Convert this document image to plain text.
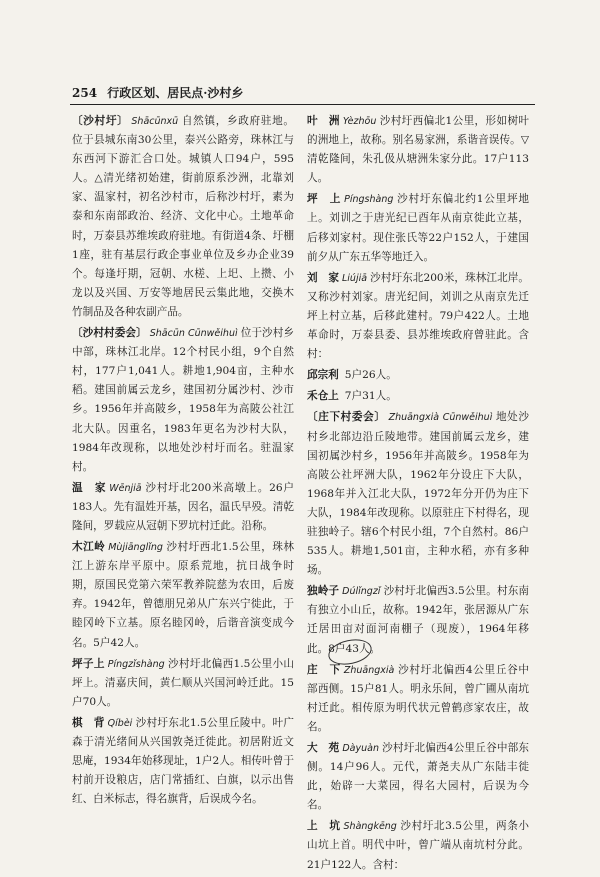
254 行政区划、居民点·沙村乡

〔沙村圩〕 Shācūnxū 自然镇，乡政府驻地。位于县城东南30公里，泰兴公路旁，珠林江与东西河下游汇合口处。城镇人口94户，595人。△清光绪初始建，街前原系沙洲，北靠刘家、温家村，初名沙村市，后称沙村圩，素为泰和东南部政治、经济、文化中心。土地革命时，万泰县苏维埃政府驻地。有街道4条、圩棚1座，驻有基层行政企事业单位及乡办企业39个。每逢圩期，冠朝、水槎、上圯、上攒、小龙以及兴国、万安等地居民云集此地，交换木竹制品及各种农副产品。

〔沙村村委会〕 Shācūn Cūnwěihuì 位于沙村乡中部，珠林江北岸。12个村民小组，9个自然村，177户1,041人。耕地1,904亩，主种水稻。建国前属云龙乡，建国初分属沙村、沙市乡。1956年并高陂乡，1958年为高陂公社江北大队。因重名，1983年更名为沙村大队，1984年改现称，以地处沙村圩而名。驻温家村。

温　家 Wēnjiā 沙村圩北200米高墩上。26户183人。先有温姓开基，因名，温氏早殁。清乾隆间，罗载应从冠朝下罗坑村迁此。沿称。

木江岭 Mùjiānglǐng 沙村圩西北1.5公里，珠林江上游东岸平原中。原系荒地，抗日战争时期，原国民党第六荣军教养院慈为农田，后废弃。1942年，曾德朋兄弟从广东兴宁徙此，于睦冈岭下立基。原名睦冈岭，后谐音演变成今名。5户42人。

坪子上 Píngzǐshàng 沙村圩北偏西1.5公里小山坪上。清嘉庆间，黄仁顺从兴国河岭迁此。15户70人。

棋　背 Qíbèi 沙村圩东北1.5公里丘陵中。叶广森于清光绪间从兴国敦尧迁徙此。初居附近文思庵，1934年始移现址，1户2人。相传叶曾于村前开设粮店，店门常插红、白旗，以示出售红、白米标志，得名旗背，后误成今名。

叶　洲 Yèzhōu 沙村圩西偏北1公里，形如树叶的洲地上，故称。别名易家洲，系谐音误传。▽清乾隆间，朱孔伋从塘洲朱家分此。17户113人。

坪　上 Píngshàng 沙村圩东偏北约1公里坪地上。刘训之于唐光纪已酉年从南京徙此立基，后移刘家村。现住张氏等22户152人，于建国前夕从广东五华等地迁入。

刘　家 Liújiā 沙村圩东北200米，珠林江北岸。又称沙村刘家。唐光纪间，刘训之从南京先迁坪上村立基，后移此建村。79户422人。土地革命时，万泰县委、县苏维埃政府曾驻此。含村：

邱宗利 5户26人。

禾仓上 7户31人。

〔庄下村委会〕 Zhuāngxià Cūnwěihuì 地处沙村乡北部边沿丘陵地带。建国前属云龙乡，建国初属沙村乡，1956年并高陂乡。1958年为高陂公社坪洲大队，1962年分设庄下大队，1968年并入江北大队，1972年分开仍为庄下大队，1984年改现称。以原驻庄下村得名，现驻独岭子。辖6个村民小组，7个自然村。86户535人。耕地1,501亩，主种水稻，亦有多种场。

独岭子 Dúlǐngzǐ 沙村圩北偏西3.5公里。村东南有独立小山丘，故称。1942年，张居源从广东迁居田亩对面河南棚子（现废），1964年移此。8户43人。

庄　下 Zhuāngxià 沙村圩北偏西4公里丘谷中部西侧。15户81人。明永乐间，曾广圃从南坑村迁此。相传原为明代状元曾鹤彦家农庄，故名。

大　苑 Dàyuàn 沙村圩北偏西4公里丘谷中部东侧。14户96人。元代，萧尧夫从广东陆丰徙此，始辟一大菜园，得名大园村，后误为今名。

上　坑 Shàngkēng 沙村圩北3.5公里，两条小山坑上首。明代中叶，曾广端从南坑村分此。21户122人。含村：
